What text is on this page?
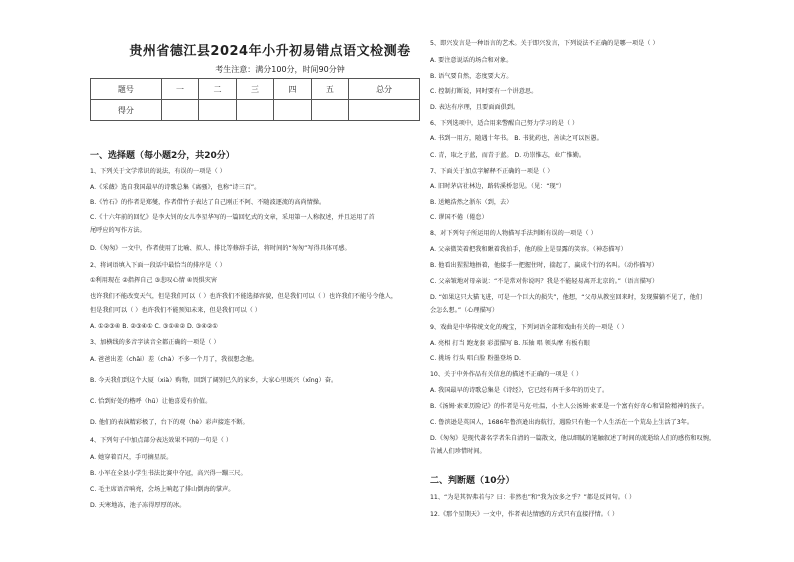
贵州省德江县2024年小升初易错点语文检测卷
考生注意：满分100分，时间90分钟
题号	一	二	三	四	五	总分
得分						
一、选择题（每小题2分，共20分）
1、下列关于文学常识的说法，有误的一项是（ ）
A.《采薇》选自我国最早的诗歌总集《离骚》，也称“诗三百”。
B.《竹石》的作者是郑燮，作者借竹子表达了自己刚正不阿、不随波逐流的高尚情操。
C.《十六年前的回忆》是李大钊的女儿李星华写的一篇回忆式的文章，采用第一人称叙述，并且运用了首
尾呼应的写作方法。
D.《匆匆》一文中，作者使用了比喻、拟人、排比等修辞手法，将时间的“匆匆”写得具体可感。
2、将词语填入下面一段话中最恰当的排序是（ ）
①利用现在 ②指挥自己 ③悲叹心情 ④畏惧灾害
也许我们不能改变天气，但是我们可以（ ）也许我们不能选择容貌，但是我们可以（ ）也许我们不能号令他人，
但是我们可以（ ）也许我们不能预知未来，但是我们可以（ ）
A. ①②③④ B. ②③④① C. ③①④② D. ③④②①
3、加横线的多音字读音全都正确的一项是（ ）
A. 爸爸出差（chāi）差（chà）不多一个月了，我很想念他。
B. 今天我们到这个大厦（xià）购物，回到了阔别已久的家乡，大家心里既兴（xīng）奋。
C. 恰到好处的楷呼（hū）让他喜爱有价值。
D. 他们的表演精彩极了，台下的观（hè）彩声接连不断。
4、下列句子中加点部分表达效果不同的一句是（ ）
A. 她穿着百尺，手可摘星辰。
B. 小军在全县小学生书法比赛中夺冠，高兴得一蹦三尺。
C. 毛主席语音响亮，会场上响起了排山倒海的掌声。
D. 天寒地冻，池子冻得厚厚的冰。
5、即兴发言是一种语言的艺术。关于即兴发言，下列说法不正确的是哪一项是（ ）
A. 要注意说话的场合和对象。
B. 语气要自然，态度要大方。
C. 控制打断说，同时要有一个讲意思。
D. 表达有序理，且要面面俱到。
6、下列选项中，适合用来警醒自己努力学习的是（ ）
A. 书到一用方，随遇十年书。 B. 书犹药也，善读之可以医愚。
C. 青，取之于蓝，而青于蓝。 D. 功崇惟志，业广惟勤。
7、下面关于加点字解释不正确的一项是（ ）
A. 旧时茅店社林边，路转溪桥忽见。（见：“现”）
B. 送鲍浩然之浙东（到，去）
C. 谬国不倦（倦怠）
8、对下列句子所运用的人物描写手法判断有误的一项是（ ）
A. 父亲微笑着把我和瞅着我拍手，他的脸上是显露的笑容。（神态描写）
B. 他看出猩猩地捂着，他接手一把握住时，揣起了，赢成个行的名叫。（动作描写）
C. 父亲皱地对母亲说：“不是常对你说吗？我是不能轻易离开北京的。”（语言描写）
D. “如果这只大猫飞进，可是一个巨大的损失”，他想，“父母从教室回来时，发现猫躺不见了，他们
会怎么想。”（心理描写）
9、戏曲是中华传统文化的瑰宝，下列词语全部和戏曲有关的一项是（ ）
A. 亮相 打当 跑龙套 彩蛋描写 B. 压轴 唱 领头摩 有板有眼
C. 挑场 行头 唱白脸 粉墨登场 D.
10、关于中外作品有关信息的描述不正确的一项是（ ）
A. 我国最早的诗歌总集是《诗经》，它已经有两千多年的历史了。
B.《汤姆·索亚历险记》的作者是马克·吐温，小主人公汤姆·索亚是一个富有好奇心和冒险精神的孩子。
C. 鲁滨逊是英国人，1686年鲁滨逊出海航行，遇险只有他一个人生活在一个荒岛上生活了3年。
D.《匆匆》是现代著名学者朱自清的一篇散文，他以细腻的笔触叙述了时间的流逝给人们的感伤和叹惋，
告诫人们珍惜时间。
二、判断题（10分）
11、“为是其智弗若与？曰：非然也”和“我为汝多之乎？”都是反问句。（ ）
12.《那个星期天》一文中，作者表达情感的方式只有直接抒情。（ ）
